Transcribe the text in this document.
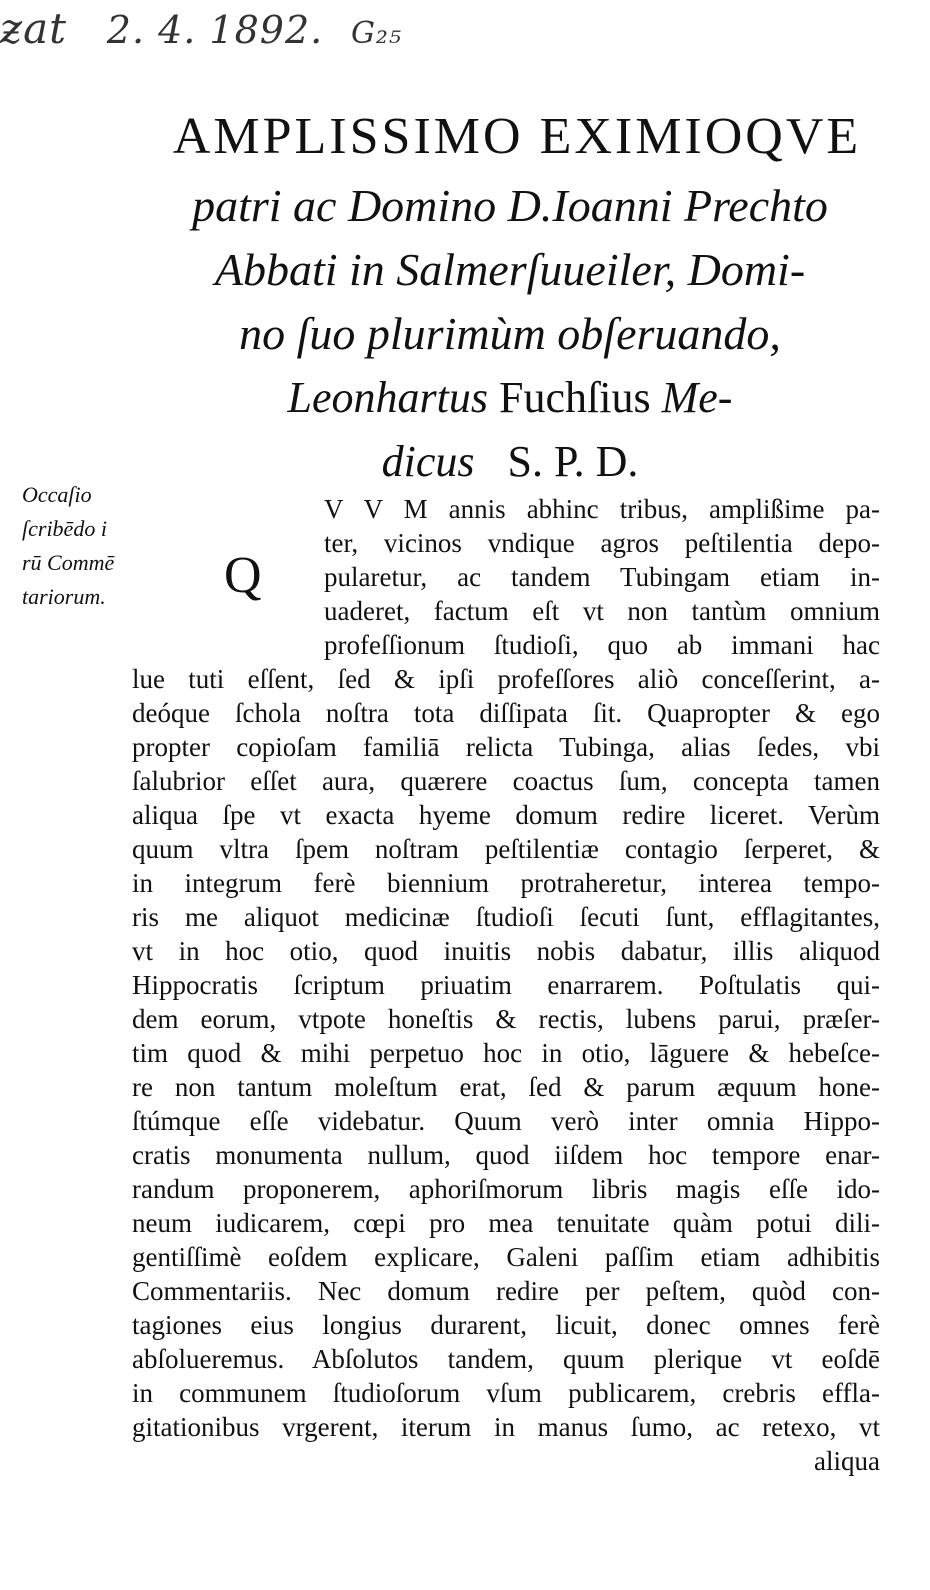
ƶat 2. 4. 1892. G₂₅
AMPLISSIMO EXIMIOQVE
patri ac Domino D.Ioanni Prechto
Abbati in Salmerſuueiler, Domi-
no ſuo plurimùm obſeruando,
Leonhartus Fuchſius Me-
dicus S. P. D.
Occaſio
ſcribēdo i
rū Commē
tariorum.	Q
V V M annis abhinc tribus, amplißime pa-
ter, vicinos vndique agros peſtilentia depo-
pularetur, ac tandem Tubingam etiam in-
uaderet, factum eſt vt non tantùm omnium
profeſſionum ſtudioſi, quo ab immani hac
lue tuti eſſent, ſed & ipſi profeſſores aliò conceſſerint, a-
deóque ſchola noſtra tota diſſipata ſit. Quapropter & ego
propter copioſam familiā relicta Tubinga, alias ſedes, vbi
ſalubrior eſſet aura, quærere coactus ſum, concepta tamen
aliqua ſpe vt exacta hyeme domum redire liceret. Verùm
quum vltra ſpem noſtram peſtilentiæ contagio ſerperet, &
in integrum ferè biennium protraheretur, interea tempo-
ris me aliquot medicinæ ſtudioſi ſecuti ſunt, efflagitantes,
vt in hoc otio, quod inuitis nobis dabatur, illis aliquod
Hippocratis ſcriptum priuatim enarrarem. Poſtulatis qui-
dem eorum, vtpote honeſtis & rectis, lubens parui, præſer-
tim quod & mihi perpetuo hoc in otio, lāguere & hebeſce-
re non tantum moleſtum erat, ſed & parum æquum hone-
ſtúmque eſſe videbatur. Quum verò inter omnia Hippo-
cratis monumenta nullum, quod iiſdem hoc tempore enar-
randum proponerem, aphoriſmorum libris magis eſſe ido-
neum iudicarem, cœpi pro mea tenuitate quàm potui dili-
gentiſſimè eoſdem explicare, Galeni paſſim etiam adhibitis
Commentariis. Nec domum redire per peſtem, quòd con-
tagiones eius longius durarent, licuit, donec omnes ferè
abſolueremus. Abſolutos tandem, quum plerique vt eoſdē
in communem ſtudioſorum vſum publicarem, crebris effla-
gitationibus vrgerent, iterum in manus ſumo, ac retexo, vt
aliqua
